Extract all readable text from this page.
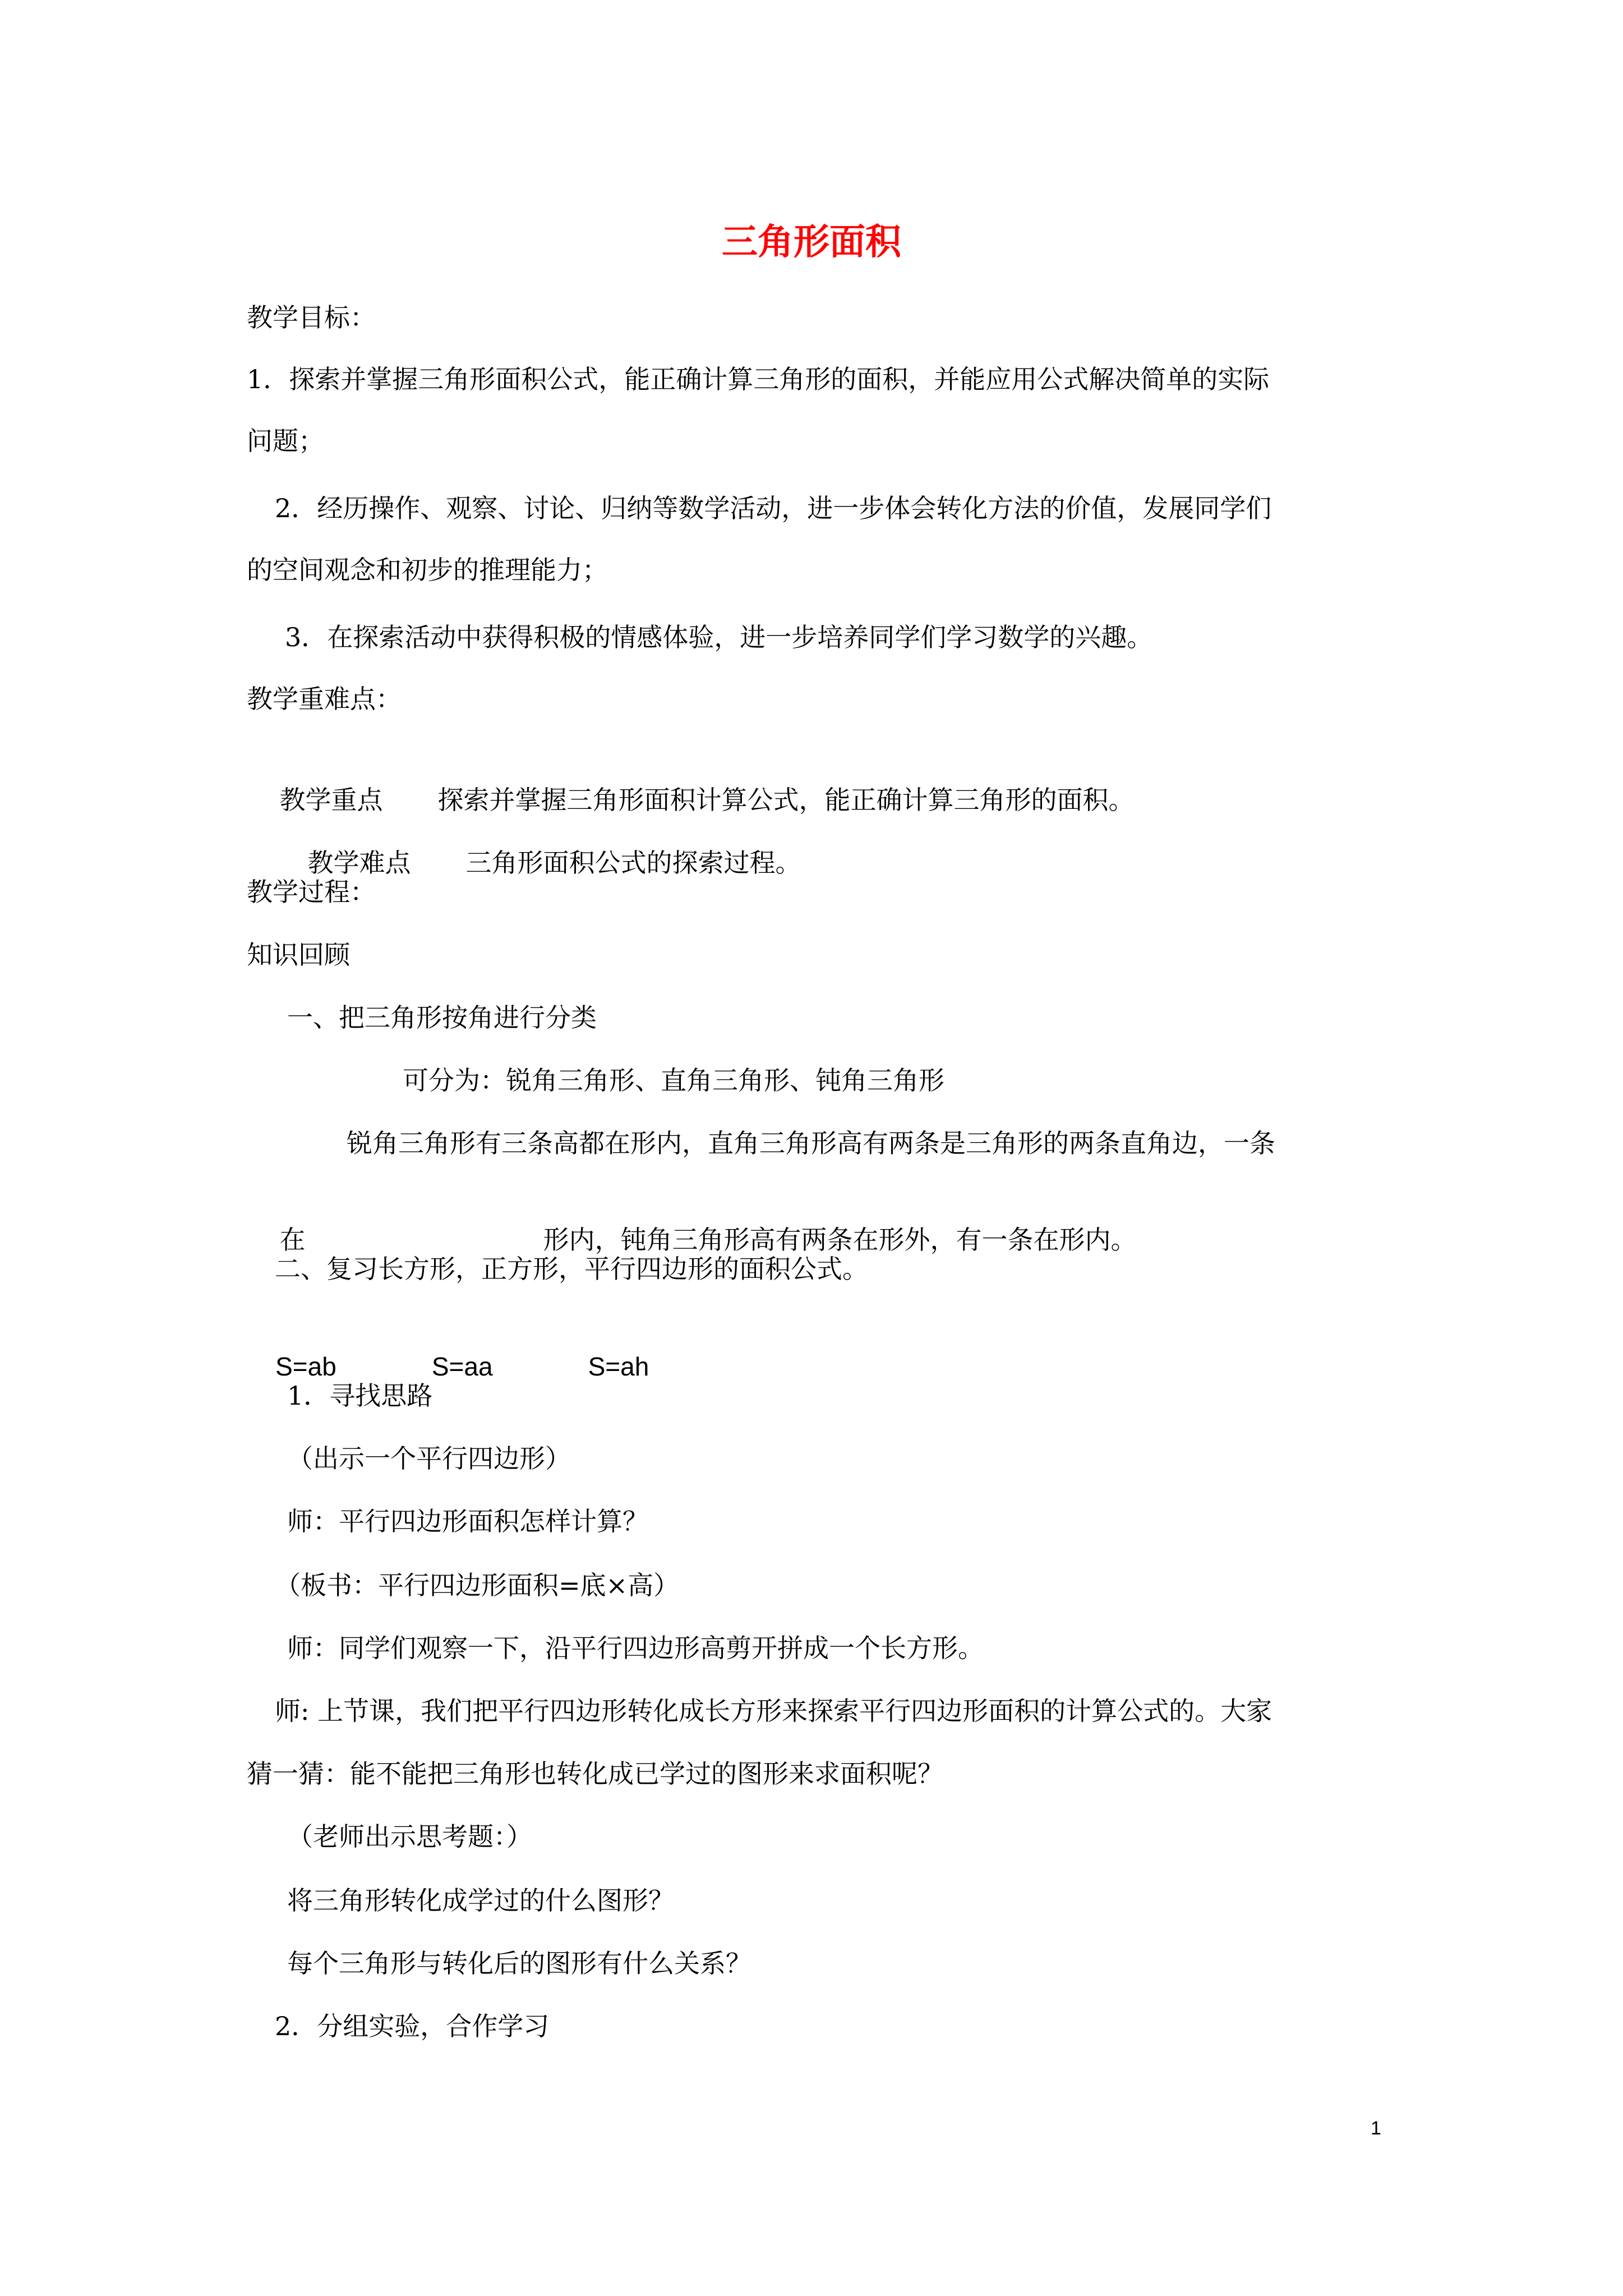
三角形面积
教学目标：
1．探索并掌握三角形面积公式，能正确计算三角形的面积，并能应用公式解决简单的实际
问题；
2．经历操作、观察、讨论、归纳等数学活动，进一步体会转化方法的价值，发展同学们
的空间观念和初步的推理能力；
3．在探索活动中获得积极的情感体验，进一步培养同学们学习数学的兴趣。
教学重难点：

教学重点 探索并掌握三角形面积计算公式，能正确计算三角形的面积。

教学难点 三角形面积公式的探索过程。

教学过程：
知识回顾
一、把三角形按角进行分类
可分为：锐角三角形、直角三角形、钝角三角形
锐角三角形有三条高都在形内，直角三角形高有两条是三角形的两条直角边，一条

在	形内，钝角三角形高有两条在形外，有一条在形内。

二、复习长方形，正方形，平行四边形的面积公式。

S=ab	S=aa	S=ah

1．寻找思路
（出示一个平行四边形）
师：平行四边形面积怎样计算？
（板书：平行四边形面积=底×高）
师：同学们观察一下，沿平行四边形高剪开拼成一个长方形。
师: 上节课，我们把平行四边形转化成长方形来探索平行四边形面积的计算公式的。大家
猜一猜：能不能把三角形也转化成已学过的图形来求面积呢？
（老师出示思考题：）
将三角形转化成学过的什么图形？
每个三角形与转化后的图形有什么关系？
2．分组实验，合作学习
1
